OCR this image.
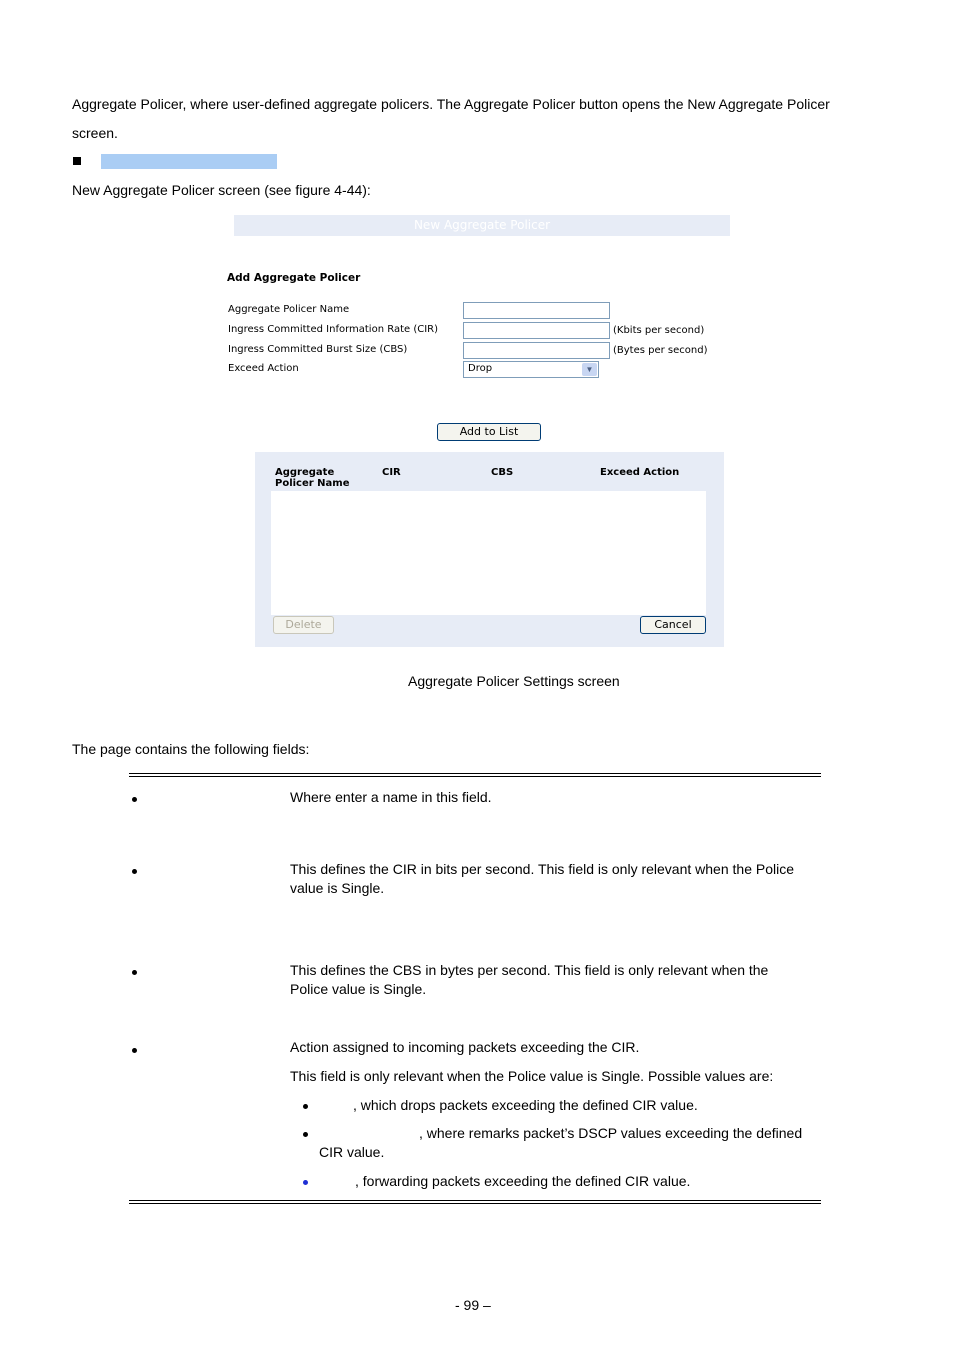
Aggregate Policer, where user-defined aggregate policers. The Aggregate Policer button opens the New Aggregate Policer
screen.
New Aggregate Policer screen (see figure 4-44):
New Aggregate Policer
Add Aggregate Policer
Aggregate Policer Name
Ingress Committed Information Rate (CIR)	(Kbits per second)
Ingress Committed Burst Size (CBS)	(Bytes per second)
Exceed Action	Drop	▼
Add to List
Aggregate
Policer Name
CIR	CBS	Exceed Action
Delete	Cancel
Aggregate Policer Settings screen
The page contains the following fields:
Where enter a name in this field.
This defines the CIR in bits per second. This field is only relevant when the Police
value is Single.
This defines the CBS in bytes per second. This field is only relevant when the
Police value is Single.
Action assigned to incoming packets exceeding the CIR.
This field is only relevant when the Police value is Single. Possible values are:
, which drops packets exceeding the defined CIR value.
, where remarks packet’s DSCP values exceeding the defined
CIR value.
, forwarding packets exceeding the defined CIR value.
- 99 –
